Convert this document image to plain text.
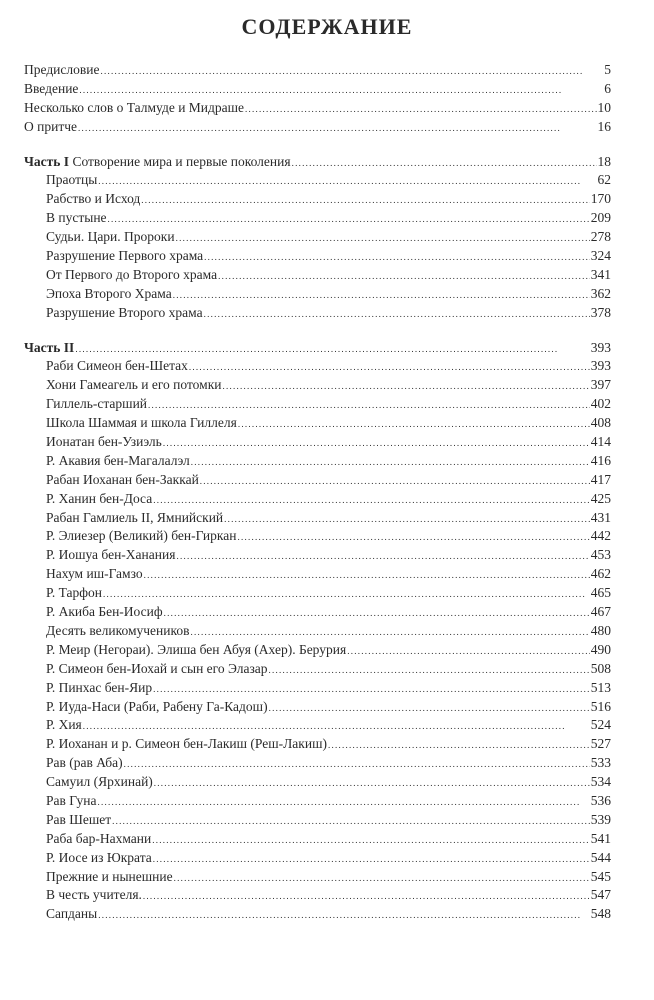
СОДЕРЖАНИЕ
Предисловие . . .	5
Введение . . .	6
Несколько слов о Талмуде и Мидраше . . .	10
О притче . . .	16
Часть I Сотворение мира и первые поколения . . .	18
Праотцы . . .	62
Рабство и Исход . . .	170
В пустыне . . .	209
Судьи. Цари. Пророки . . .	278
Разрушение Первого храма . . .	324
От Первого до Второго храма . . .	341
Эпоха Второго Храма . . .	362
Разрушение Второго храма . . .	378
Часть II . . .	393
Раби Симеон бен-Шетах . . .	393
Хони Гамеагель и его потомки . . .	397
Гиллель-старший . . .	402
Школа Шаммая и школа Гиллеля . . .	408
Ионатан бен-Узиэль . . .	414
Р. Акавия бен-Магалалэл . . .	416
Рабан Иоханан бен-Заккай . . .	417
Р. Ханин бен-Доса . . .	425
Рабан Гамлиель II, Ямнийский . . .	431
Р. Элиезер (Великий) бен-Гиркан . . .	442
Р. Иошуа бен-Ханания . . .	453
Нахум иш-Гамзо . . .	462
Р. Тарфон . . .	465
Р. Акиба Бен-Иосиф . . .	467
Десять великомучеников . . .	480
Р. Меир (Негораи). Элиша бен Абуя (Ахер). Берурия . . .	490
Р. Симеон бен-Иохай и сын его Элазар . . .	508
Р. Пинхас бен-Яир . . .	513
Р. Иуда-Наси (Раби, Рабену Га-Кадош) . . .	516
Р. Хия . . .	524
Р. Иоханан и р. Симеон бен-Лакиш (Реш-Лакиш) . . .	527
Рав (рав Аба) . . .	533
Самуил (Ярхинай) . . .	534
Рав Гуна . . .	536
Рав Шешет . . .	539
Раба бар-Нахмани . . .	541
Р. Иосе из Юкрата . . .	544
Прежние и нынешние . . .	545
В честь учителя. . . .	547
Сапданы . . .	548
